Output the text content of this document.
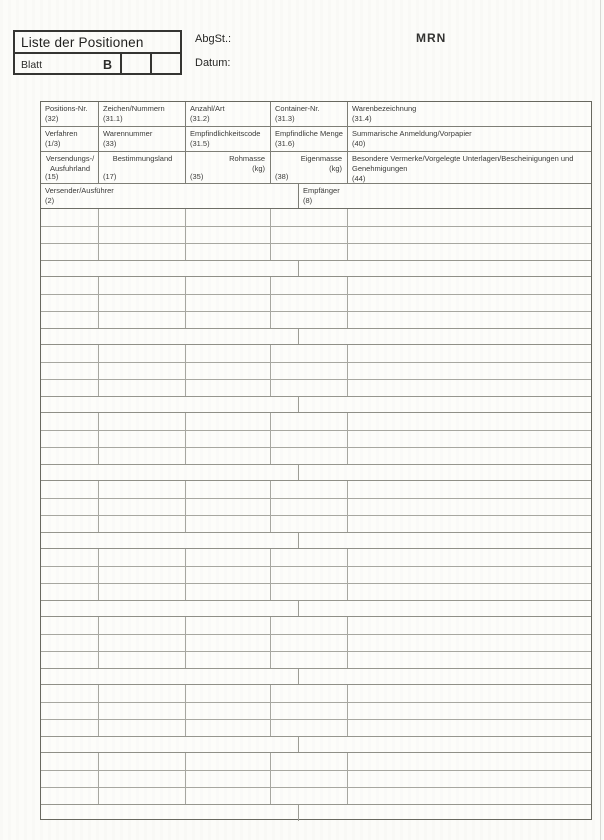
Liste der Positionen
Blatt	B
AbgSt.:
Datum:
MRN
Positions-Nr.
(32)
Zeichen/Nummern
(31.1)
Anzahl/Art
(31.2)
Container-Nr.
(31.3)
Warenbezeichnung
(31.4)
Verfahren
(1/3)
Warennummer
(33)
Empfindlichkeitscode
(31.5)
Empfindliche Menge
(31.6)
Summarische Anmeldung/Vorpapier
(40)
Versendungs-/
Ausfuhrland
(15)
Bestimmungsland
(17)
Rohmasse
(kg)
(35)
Eigenmasse
(kg)
(38)
Besondere Vermerke/Vorgelegte Unterlagen/Bescheinigungen und
Genehmigungen
(44)
Versender/Ausführer
(2)
Empfänger
(8)
